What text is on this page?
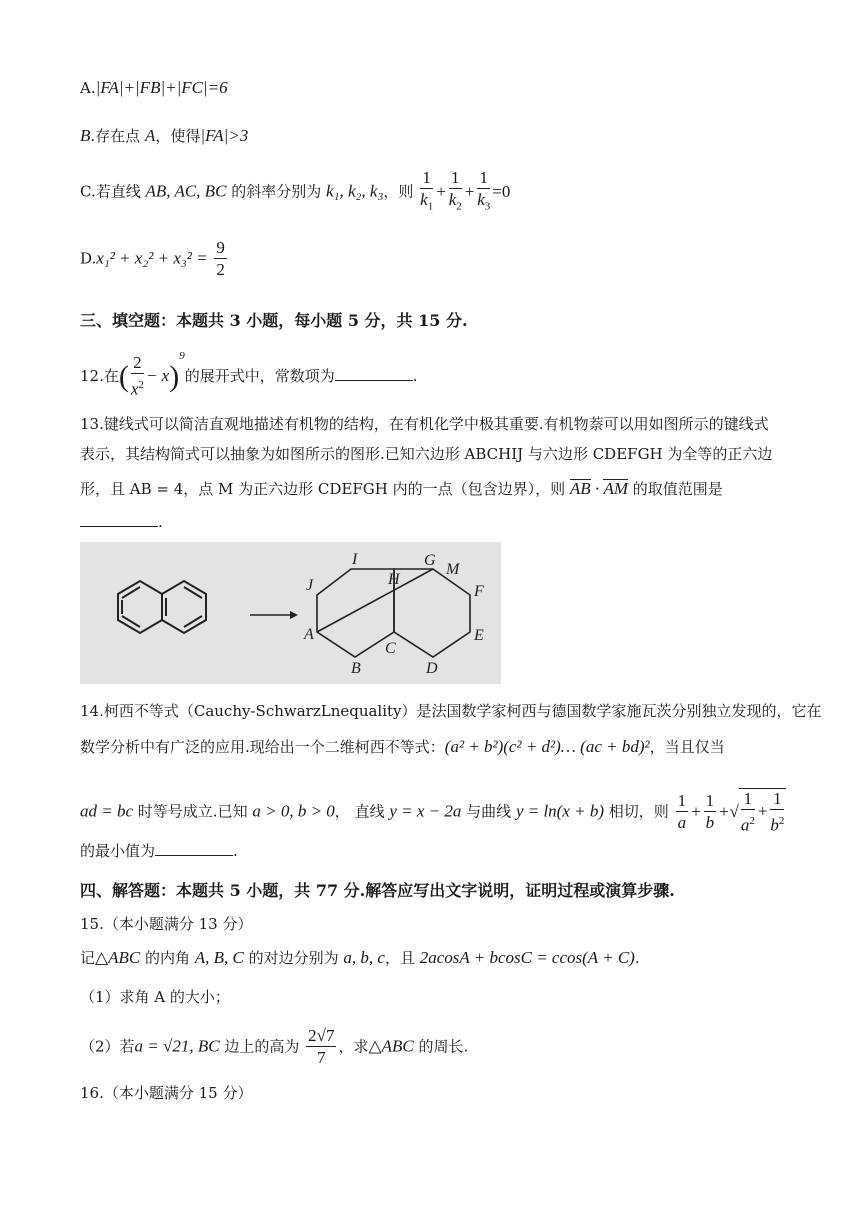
A.|FA|+|FB|+|FC|=6
B.存在点 A，使得|FA|>3
C.若直线 AB, AC, BC 的斜率分别为 k₁, k₂, k₃，则 $\frac{1}{k_1} + \frac{1}{k_2} + \frac{1}{k_3} =0$
$D.x_1^2 + x_2^2 + x_3^2 = \frac{9}{2}$
三、填空题：本题共 3 小题，每小题 5 分，共 15 分.
12.在( $\frac{2}{x^2} - x)^9$的展开式中，常数项为	.
13.键线式可以简洁直观地描述有机物的结构，在有机化学中极其重要.有机物萘可以用如图所示的键线式
表示，其结构简式可以抽象为如图所示的图形.已知六边形 ABCHIJ 与六边形 CDEFGH 为全等的正六边
形，且 AB = 4，点 M 为正六边形 CDEFGH 内的一点（包含边界），则 AB · AM 的取值范围是
.
I	G
M
J	H
F
A	E
B
C
D
14.柯西不等式（Cauchy-SchwarzLnequality）是法国数学家柯西与德国数学家施瓦茨分别独立发现的，它在
数学分析中有广泛的应用.现给出一个二维柯西不等式：(a² + b²)(c² + d²)… (ac + bd)²，当且仅当
ad = bc 时等号成立.已知 a > 0, b > 0， 直线 y = x − 2a 与曲线 y = ln(x + b) 相切，则 $\frac{1}{a} + \frac{1}{b}$ +√ $\frac{1}{a^2} + \frac{1}{b^2}$
的最小值为	.
四、解答题：本题共 5 小题，共 77 分.解答应写出文字说明，证明过程或演算步骤.
15.（本小题满分 13 分）
记△ABC 的内角 A, B, C 的对边分别为 a, b, c，且 2acosA + bcosC = ccos(A + C).
（1）求角 A 的大小；
（2）若a = √21, BC 边上的高为 $\frac{2√7}{7}$ ，求△ABC 的周长.
16.（本小题满分 15 分）
